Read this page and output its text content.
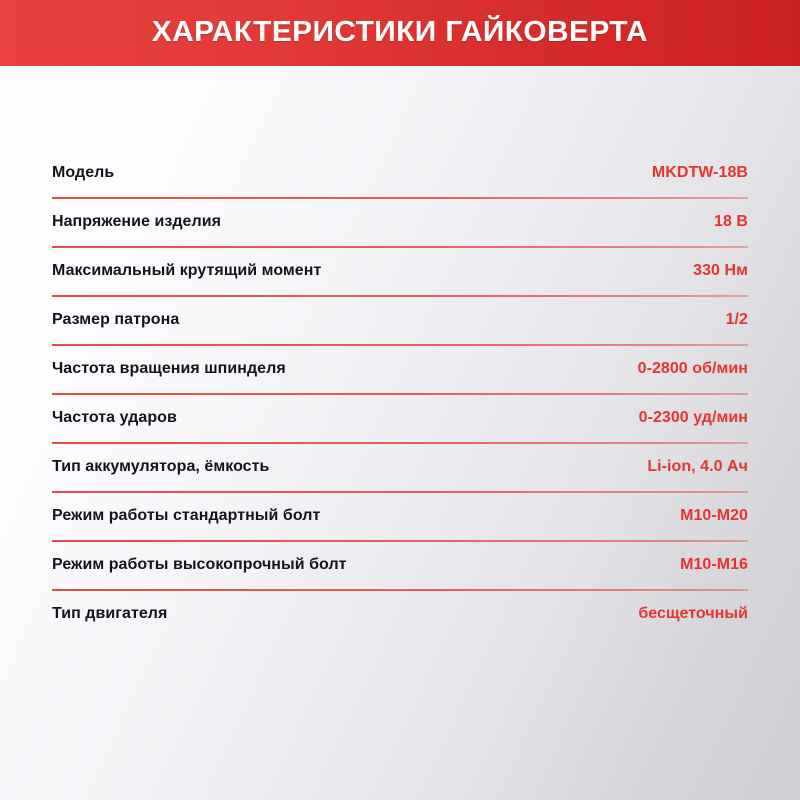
ХАРАКТЕРИСТИКИ ГАЙКОВЕРТА
Модель	MKDTW-18B
Напряжение изделия	18 В
Максимальный крутящий момент	330 Нм
Размер патрона	1/2
Частота вращения шпинделя	0-2800 об/мин
Частота ударов	0-2300 уд/мин
Тип аккумулятора, ёмкость	Li-ion, 4.0 Ач
Режим работы стандартный болт	M10-M20
Режим работы высокопрочный болт	M10-M16
Тип двигателя	бесщеточный
